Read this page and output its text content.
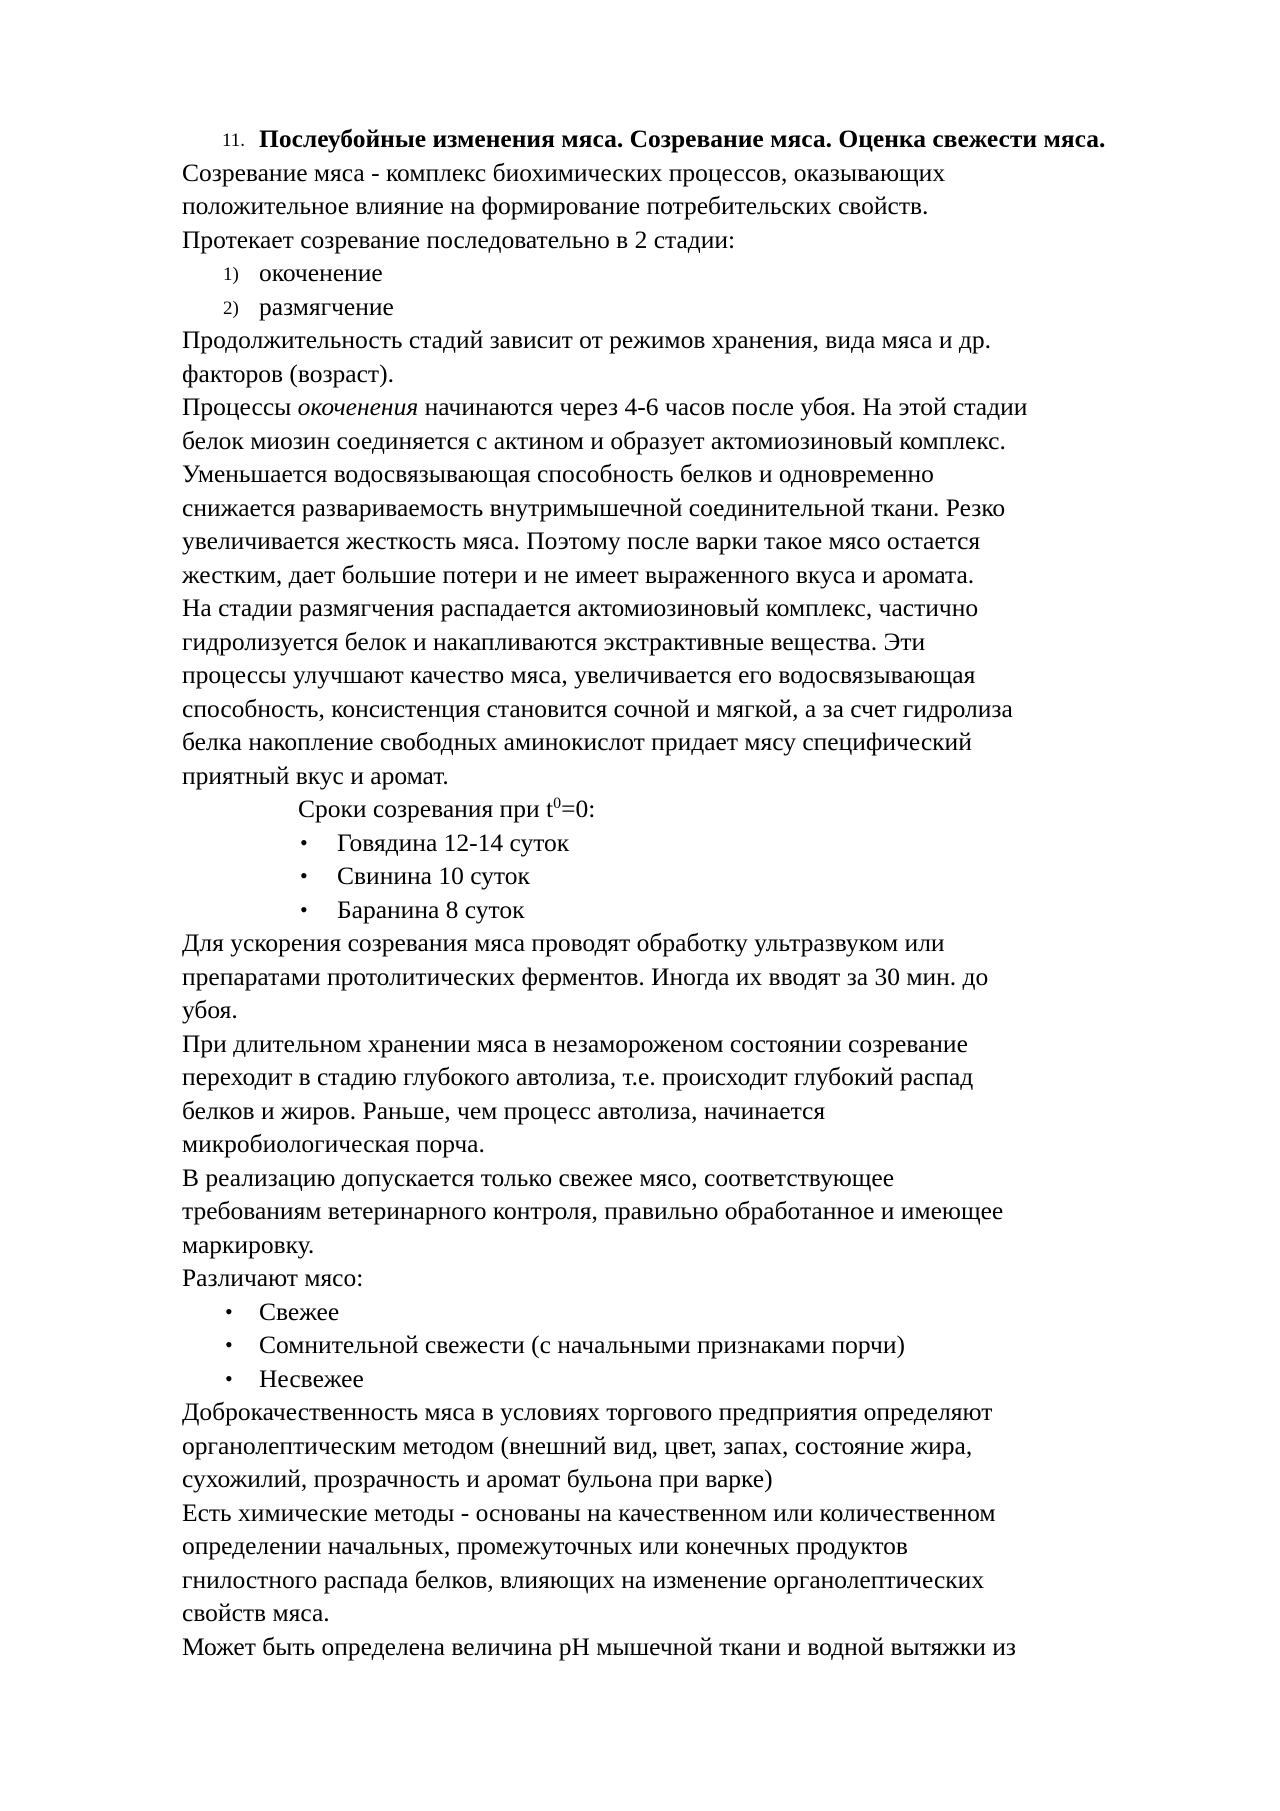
11. Послеубойные изменения мяса. Созревание мяса. Оценка свежести мяса.
Созревание мяса - комплекс биохимических процессов, оказывающих
положительное влияние на формирование потребительских свойств.
Протекает созревание последовательно в 2 стадии:
1) окоченение
2) размягчение
Продолжительность стадий зависит от режимов хранения, вида мяса и др.
факторов (возраст).
Процессы окоченения начинаются через 4-6 часов после убоя. На этой стадии
белок миозин соединяется с актином и образует актомиозиновый комплекс.
Уменьшается водосвязывающая способность белков и одновременно
снижается развариваемость внутримышечной соединительной ткани. Резко
увеличивается жесткость мяса. Поэтому после варки такое мясо остается
жестким, дает большие потери и не имеет выраженного вкуса и аромата.
На стадии размягчения распадается актомиозиновый комплекс, частично
гидролизуется белок и накапливаются экстрактивные вещества. Эти
процессы улучшают качество мяса, увеличивается его водосвязывающая
способность, консистенция становится сочной и мягкой, а за счет гидролиза
белка накопление свободных аминокислот придает мясу специфический
приятный вкус и аромат.
Сроки созревания при $t^0=0$:
• Говядина 12-14 суток
• Свинина 10 суток
• Баранина 8 суток
Для ускорения созревания мяса проводят обработку ультразвуком или
препаратами протолитических ферментов. Иногда их вводят за 30 мин. до
убоя.
При длительном хранении мяса в незамороженом состоянии созревание
переходит в стадию глубокого автолиза, т.е. происходит глубокий распад
белков и жиров. Раньше, чем процесс автолиза, начинается
микробиологическая порча.
В реализацию допускается только свежее мясо, соответствующее
требованиям ветеринарного контроля, правильно обработанное и имеющее
маркировку.
Различают мясо:
• Свежее
• Сомнительной свежести (с начальными признаками порчи)
• Несвежее
Доброкачественность мяса в условиях торгового предприятия определяют
органолептическим методом (внешний вид, цвет, запах, состояние жира,
сухожилий, прозрачность и аромат бульона при варке)
Есть химические методы - основаны на качественном или количественном
определении начальных, промежуточных или конечных продуктов
гнилостного распада белков, влияющих на изменение органолептических
свойств мяса.
Может быть определена величина pH мышечной ткани и водной вытяжки из
